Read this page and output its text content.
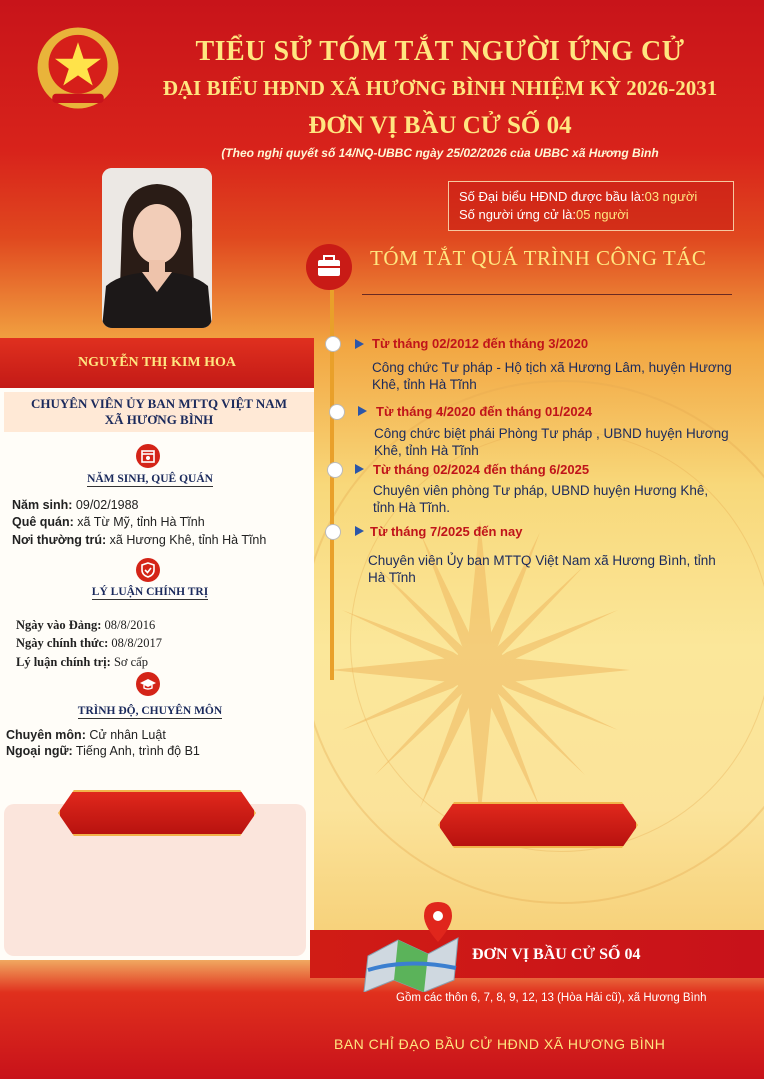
TIỂU SỬ TÓM TẮT NGƯỜI ỨNG CỬ
ĐẠI BIỂU HĐND XÃ HƯƠNG BÌNH NHIỆM KỲ 2026-2031
ĐƠN VỊ BẦU CỬ SỐ 04
(Theo nghị quyết số 14/NQ-UBBC ngày 25/02/2026 của UBBC xã Hương Bình
Số Đại biểu HĐND được bầu là:03 người
Số người ứng cử là:05 người
NGUYỄN THỊ KIM HOA
CHUYÊN VIÊN ỦY BAN MTTQ VIỆT NAM
XÃ HƯƠNG BÌNH
NĂM SINH, QUÊ QUÁN
Năm sinh: 09/02/1988
Quê quán: xã Từ Mỹ, tỉnh Hà Tĩnh
Nơi thường trú: xã Hương Khê, tỉnh Hà Tĩnh
LÝ LUẬN CHÍNH TRỊ
Ngày vào Đảng: 08/8/2016
Ngày chính thức: 08/8/2017
Lý luận chính trị: Sơ cấp
TRÌNH ĐỘ, CHUYÊN MÔN
Chuyên môn: Cử nhân Luật
Ngoại ngữ: Tiếng Anh, trình độ B1
TÓM TẮT QUÁ TRÌNH CÔNG TÁC
Từ tháng 02/2012 đến tháng 3/2020
Công chức Tư pháp - Hộ tịch xã Hương Lâm, huyện Hương Khê, tỉnh Hà Tĩnh
Từ tháng 4/2020 đến tháng 01/2024
Công chức biệt phái Phòng Tư pháp , UBND huyện Hương Khê, tỉnh Hà Tĩnh
Từ tháng 02/2024 đến tháng 6/2025
Chuyên viên phòng Tư pháp, UBND huyện Hương Khê, tỉnh Hà Tĩnh.
Từ tháng 7/2025 đến nay
Chuyên viên Ủy ban MTTQ Việt Nam xã Hương Bình, tỉnh Hà Tĩnh
ĐƠN VỊ BẦU CỬ SỐ 04
Gồm các thôn 6, 7, 8, 9, 12, 13 (Hòa Hải cũ), xã Hương Bình
BAN CHỈ ĐẠO BẦU CỬ HĐND XÃ HƯƠNG BÌNH
